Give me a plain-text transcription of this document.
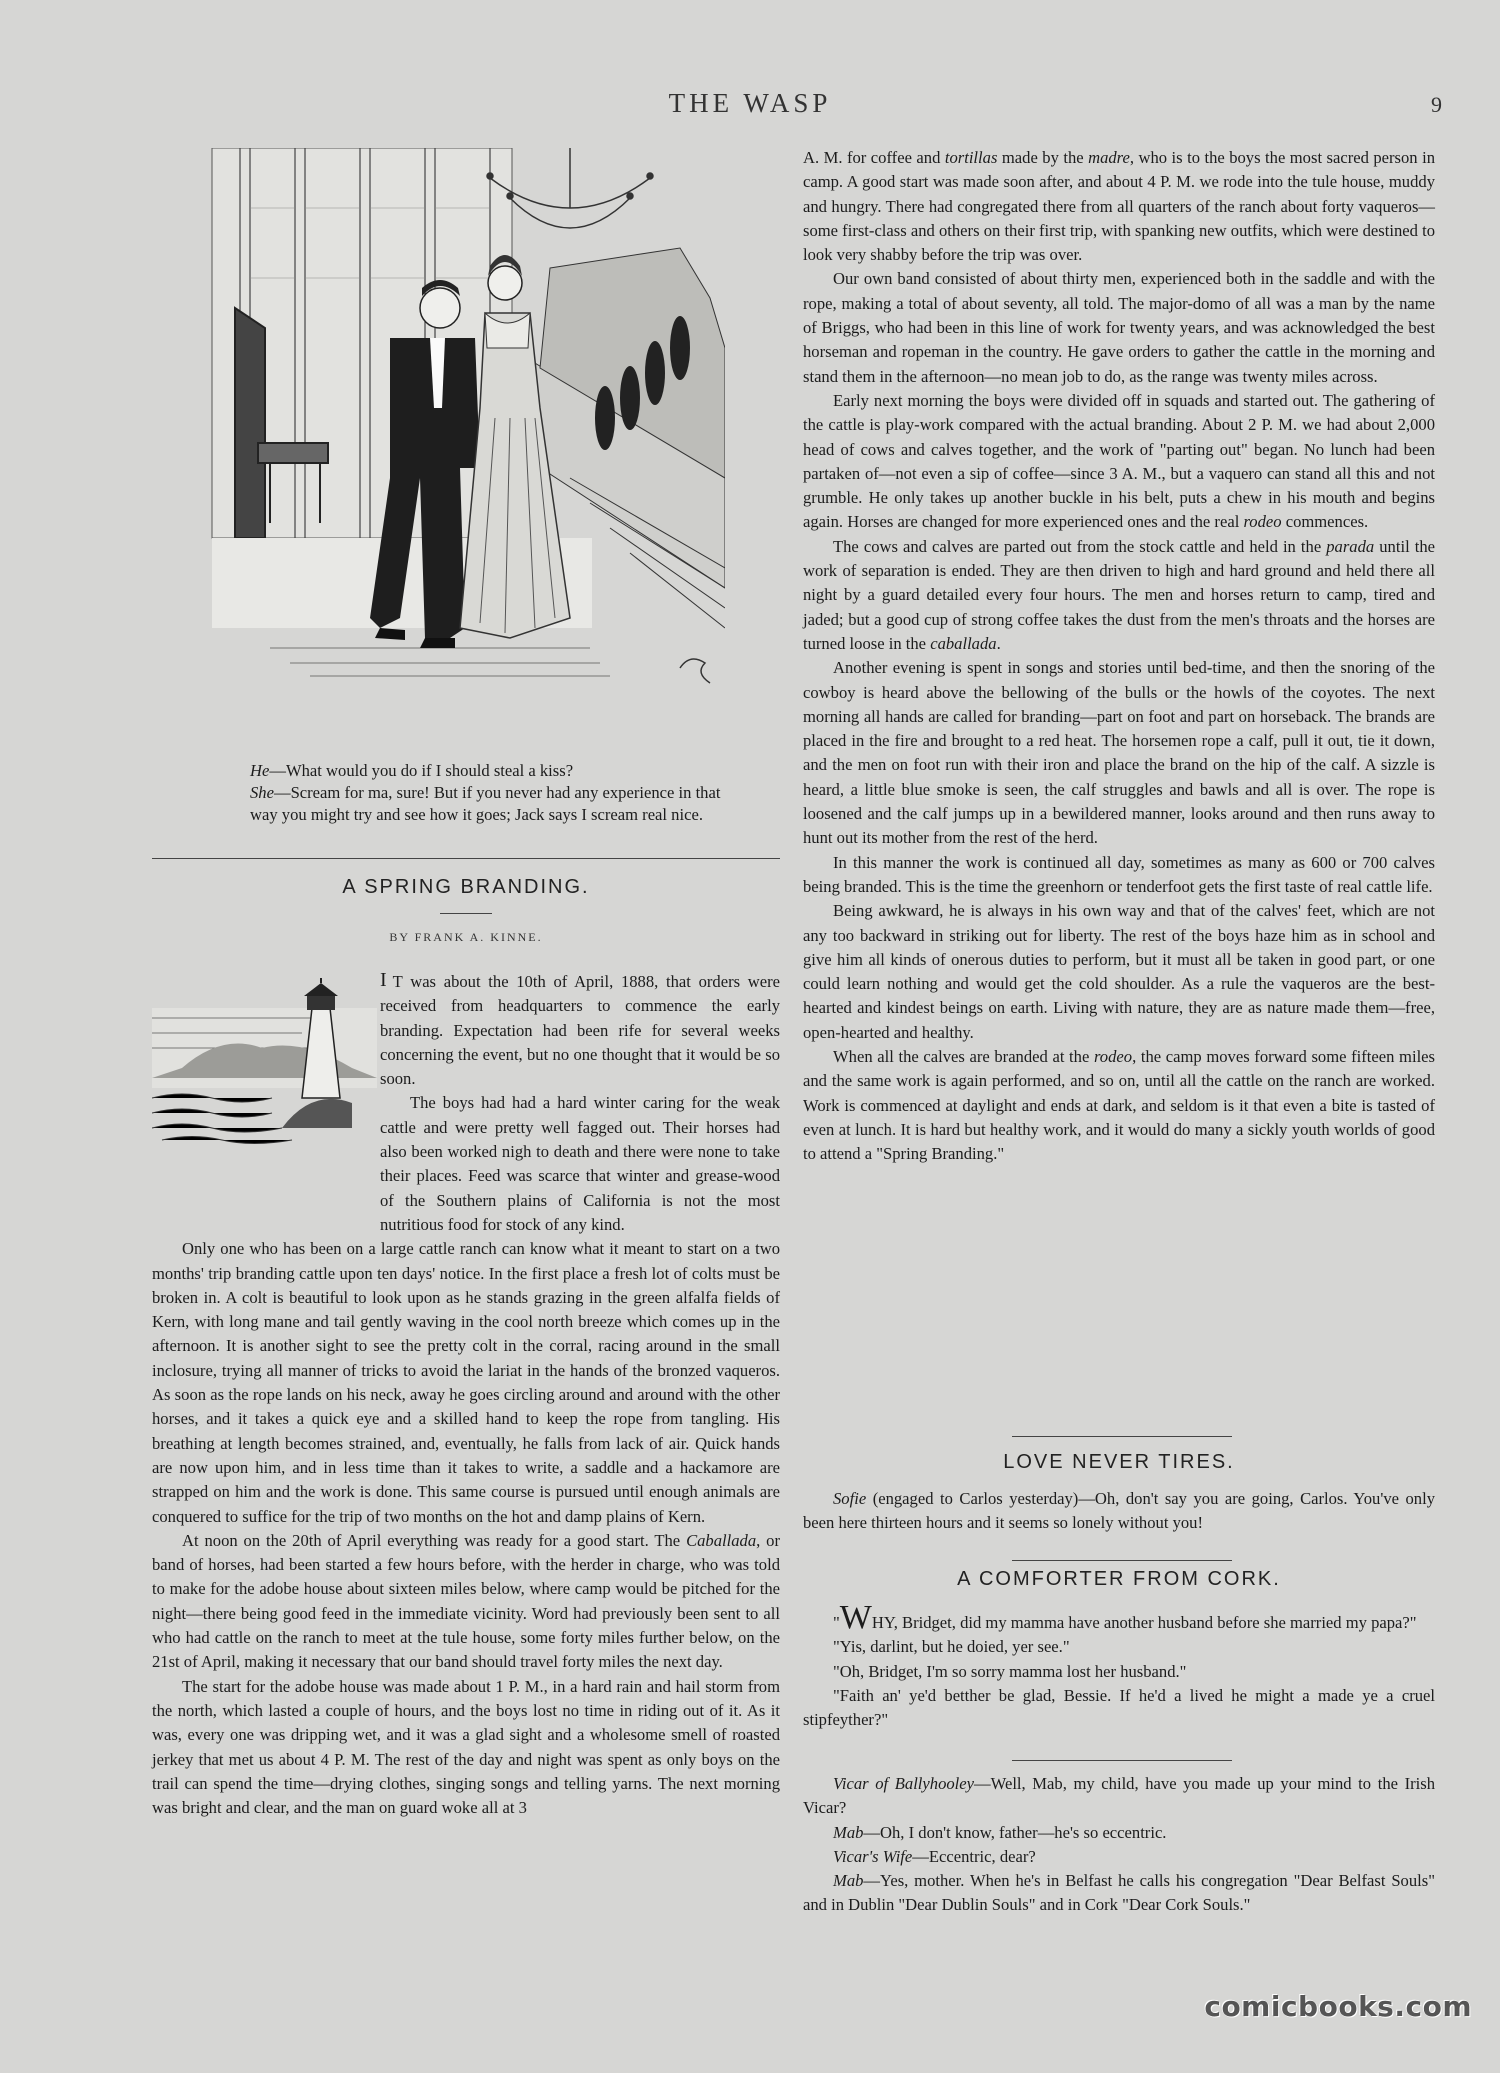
THE WASP	9
He—What would you do if I should steal a kiss?
She—Scream for ma, sure! But if you never had any experience in that way you might try and see how it goes; Jack says I scream real nice.
A SPRING BRANDING.
BY FRANK A. KINNE.

I T was about the 10th of April, 1888, that orders were received from headquarters to commence the early branding. Expectation had been rife for several weeks concerning the event, but no one thought that it would be so soon.

The boys had had a hard winter caring for the weak cattle and were pretty well fagged out. Their horses had also been worked nigh to death and there were none to take their places. Feed was scarce that winter and grease-wood of the Southern plains of California is not the most nutritious food for stock of any kind.

Only one who has been on a large cattle ranch can know what it meant to start on a two months' trip branding cattle upon ten days' notice. In the first place a fresh lot of colts must be broken in. A colt is beautiful to look upon as he stands grazing in the green alfalfa fields of Kern, with long mane and tail gently waving in the cool north breeze which comes up in the afternoon. It is another sight to see the pretty colt in the corral, racing around in the small inclosure, trying all manner of tricks to avoid the lariat in the hands of the bronzed vaqueros. As soon as the rope lands on his neck, away he goes circling around and around with the other horses, and it takes a quick eye and a skilled hand to keep the rope from tangling. His breathing at length becomes strained, and, eventually, he falls from lack of air. Quick hands are now upon him, and in less time than it takes to write, a saddle and a hackamore are strapped on him and the work is done. This same course is pursued until enough animals are conquered to suffice for the trip of two months on the hot and damp plains of Kern.

At noon on the 20th of April everything was ready for a good start. The Caballada, or band of horses, had been started a few hours before, with the herder in charge, who was told to make for the adobe house about sixteen miles below, where camp would be pitched for the night—there being good feed in the immediate vicinity. Word had previously been sent to all who had cattle on the ranch to meet at the tule house, some forty miles further below, on the 21st of April, making it necessary that our band should travel forty miles the next day.

The start for the adobe house was made about 1 P. M., in a hard rain and hail storm from the north, which lasted a couple of hours, and the boys lost no time in riding out of it. As it was, every one was dripping wet, and it was a glad sight and a wholesome smell of roasted jerkey that met us about 4 P. M. The rest of the day and night was spent as only boys on the trail can spend the time—drying clothes, singing songs and telling yarns. The next morning was bright and clear, and the man on guard woke all at 3

A. M. for coffee and tortillas made by the madre, who is to the boys the most sacred person in camp. A good start was made soon after, and about 4 P. M. we rode into the tule house, muddy and hungry. There had congregated there from all quarters of the ranch about forty vaqueros—some first-class and others on their first trip, with spanking new outfits, which were destined to look very shabby before the trip was over.

Our own band consisted of about thirty men, experienced both in the saddle and with the rope, making a total of about seventy, all told. The major-domo of all was a man by the name of Briggs, who had been in this line of work for twenty years, and was acknowledged the best horseman and ropeman in the country. He gave orders to gather the cattle in the morning and stand them in the afternoon—no mean job to do, as the range was twenty miles across.

Early next morning the boys were divided off in squads and started out. The gathering of the cattle is play-work compared with the actual branding. About 2 P. M. we had about 2,000 head of cows and calves together, and the work of "parting out" began. No lunch had been partaken of—not even a sip of coffee—since 3 A. M., but a vaquero can stand all this and not grumble. He only takes up another buckle in his belt, puts a chew in his mouth and begins again. Horses are changed for more experienced ones and the real rodeo commences.

The cows and calves are parted out from the stock cattle and held in the parada until the work of separation is ended. They are then driven to high and hard ground and held there all night by a guard detailed every four hours. The men and horses return to camp, tired and jaded; but a good cup of strong coffee takes the dust from the men's throats and the horses are turned loose in the caballada.

Another evening is spent in songs and stories until bed-time, and then the snoring of the cowboy is heard above the bellowing of the bulls or the howls of the coyotes. The next morning all hands are called for branding—part on foot and part on horseback. The brands are placed in the fire and brought to a red heat. The horsemen rope a calf, pull it out, tie it down, and the men on foot run with their iron and place the brand on the hip of the calf. A sizzle is heard, a little blue smoke is seen, the calf struggles and bawls and all is over. The rope is loosened and the calf jumps up in a bewildered manner, looks around and then runs away to hunt out its mother from the rest of the herd.

In this manner the work is continued all day, sometimes as many as 600 or 700 calves being branded. This is the time the greenhorn or tenderfoot gets the first taste of real cattle life.

Being awkward, he is always in his own way and that of the calves' feet, which are not any too backward in striking out for liberty. The rest of the boys haze him as in school and give him all kinds of onerous duties to perform, but it must all be taken in good part, or one could learn nothing and would get the cold shoulder. As a rule the vaqueros are the best-hearted and kindest beings on earth. Living with nature, they are as nature made them—free, open-hearted and healthy.

When all the calves are branded at the rodeo, the camp moves forward some fifteen miles and the same work is again performed, and so on, until all the cattle on the ranch are worked. Work is commenced at daylight and ends at dark, and seldom is it that even a bite is tasted of even at lunch. It is hard but healthy work, and it would do many a sickly youth worlds of good to attend a "Spring Branding."

LOVE NEVER TIRES.

Sofie (engaged to Carlos yesterday)—Oh, don't say you are going, Carlos. You've only been here thirteen hours and it seems so lonely without you!

A COMFORTER FROM CORK.

"WHY, Bridget, did my mamma have another husband before she married my papa?"

"Yis, darlint, but he doied, yer see."

"Oh, Bridget, I'm so sorry mamma lost her husband."

"Faith an' ye'd betther be glad, Bessie. If he'd a lived he might a made ye a cruel stipfeyther?"

Vicar of Ballyhooley—Well, Mab, my child, have you made up your mind to the Irish Vicar?

Mab—Oh, I don't know, father—he's so eccentric.

Vicar's Wife—Eccentric, dear?

Mab—Yes, mother. When he's in Belfast he calls his congregation "Dear Belfast Souls" and in Dublin "Dear Dublin Souls" and in Cork "Dear Cork Souls."

comicbooks.com
